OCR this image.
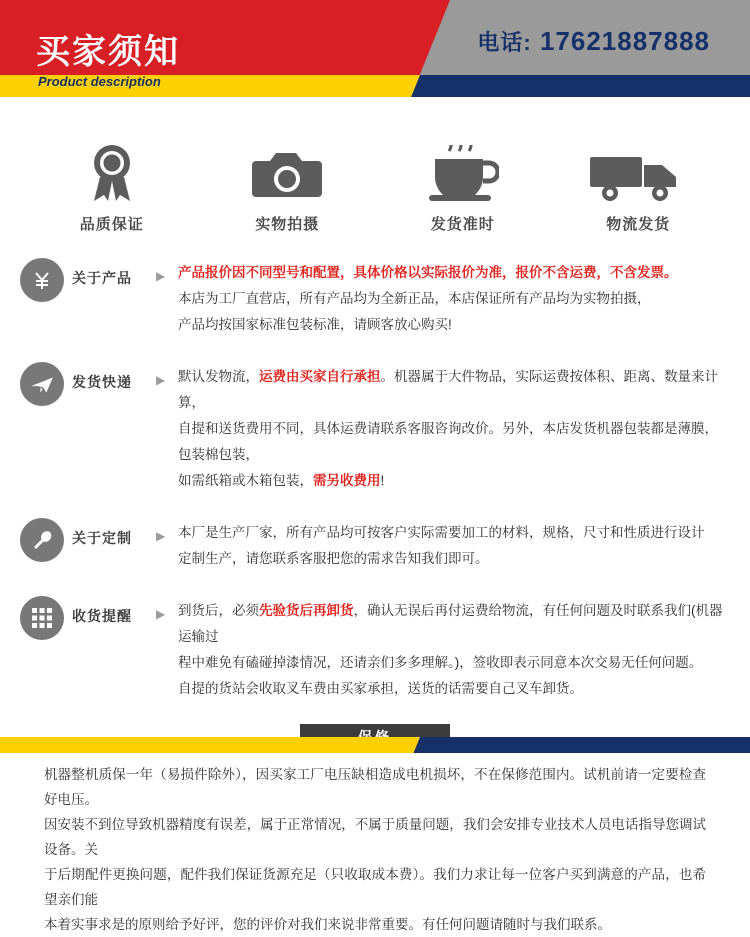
买家须知
Product description
电话: 17621887888
品质保证	实物拍摄	发货准时	物流发货
关于产品	▶ 产品报价因不同型号和配置，具体价格以实际报价为准，报价不含运费，不含发票。

本店为工厂直营店，所有产品均为全新正品，本店保证所有产品均为实物拍摄，

产品均按国家标准包装标准，请顾客放心购买!

发货快递	▶ 默认发物流，运费由买家自行承担。机器属于大件物品，实际运费按体积、距离、数量来计算，

自提和送货费用不同，具体运费请联系客服咨询改价。另外，本店发货机器包装都是薄膜，包装棉包装，

如需纸箱或木箱包装，需另收费用!

关于定制	▶ 本厂是生产厂家，所有产品均可按客户实际需要加工的材料，规格，尺寸和性质进行设计

定制生产，请您联系客服把您的需求告知我们即可。

收货提醒	▶ 到货后，必须先验货后再卸货，确认无误后再付运费给物流，有任何问题及时联系我们(机器运输过

程中难免有磕碰掉漆情况，还请亲们多多理解。)，签收即表示同意本次交易无任何问题。

自提的货站会收取叉车费由买家承担，送货的话需要自己叉车卸货。

机器整机质保一年（易损件除外），因买家工厂电压缺相造成电机损坏，不在保修范围内。试机前请一定要检查好电压。

因安装不到位导致机器精度有误差，属于正常情况，不属于质量问题，我们会安排专业技术人员电话指导您调试设备。关

于后期配件更换问题，配件我们保证货源充足（只收取成本费）。我们力求让每一位客户买到满意的产品，也希望亲们能

本着实事求是的原则给予好评，您的评价对我们来说非常重要。有任何问题请随时与我们联系。
